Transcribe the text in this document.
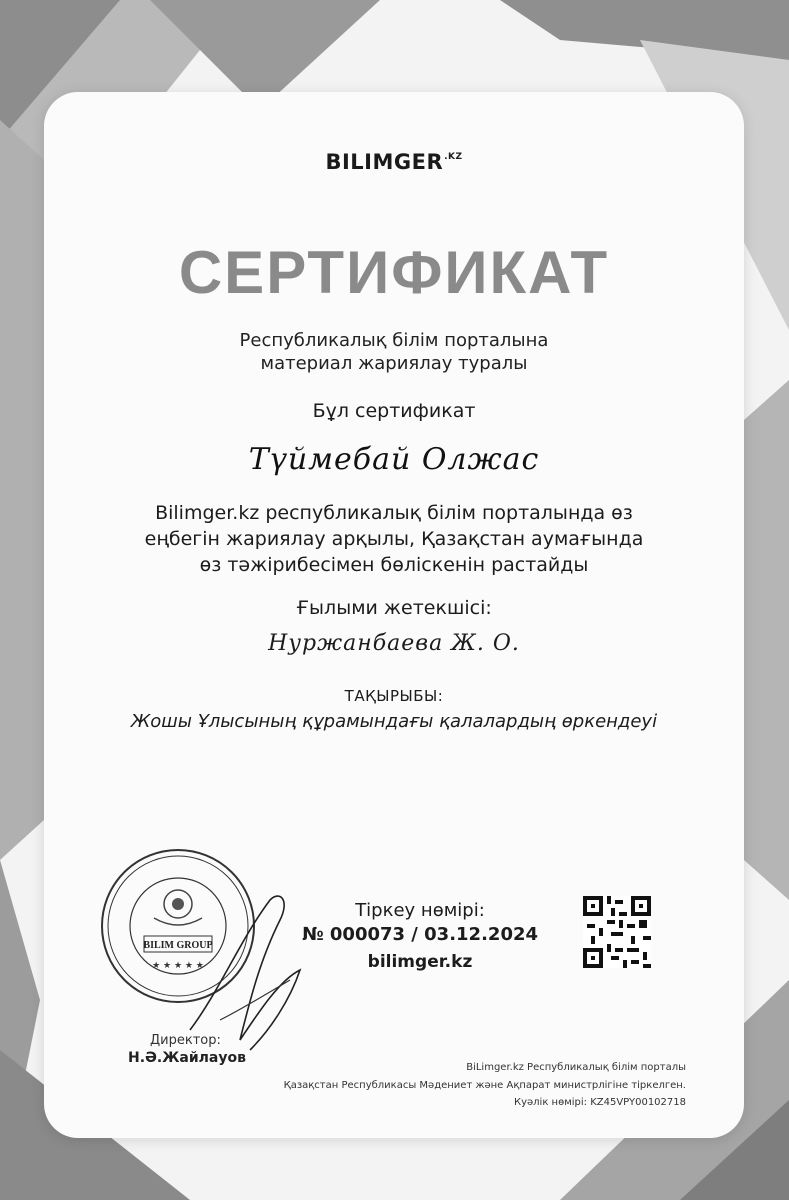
$BILIMGER^{.KZ}$
СЕРТИФИКАТ
Республикалық білім порталына
материал жариялау туралы
Бұл сертификат
Түймебай Олжас
Bilimger.kz республикалық білім порталында өз
еңбегін жариялау арқылы, Қазақстан аумағында
өз тәжірибесімен бөліскенін растайды
Ғылыми жетекшісі:
Нуржанбаева Ж. О.
ТАҚЫРЫБЫ:
Жошы Ұлысының құрамындағы қалалардың өркендеуі
BILIM GROUP
★ ★ ★ ★ ★
Тіркеу нөмірі:
№ 000073 / 03.12.2024
bilimger.kz
Директор:
Н.Ә.Жайлауов
BiLimger.kz Республикалық білім порталы
Қазақстан Республикасы Мәдениет және Ақпарат министрлігіне тіркелген.
Куәлік нөмірі: KZ45VPY00102718
